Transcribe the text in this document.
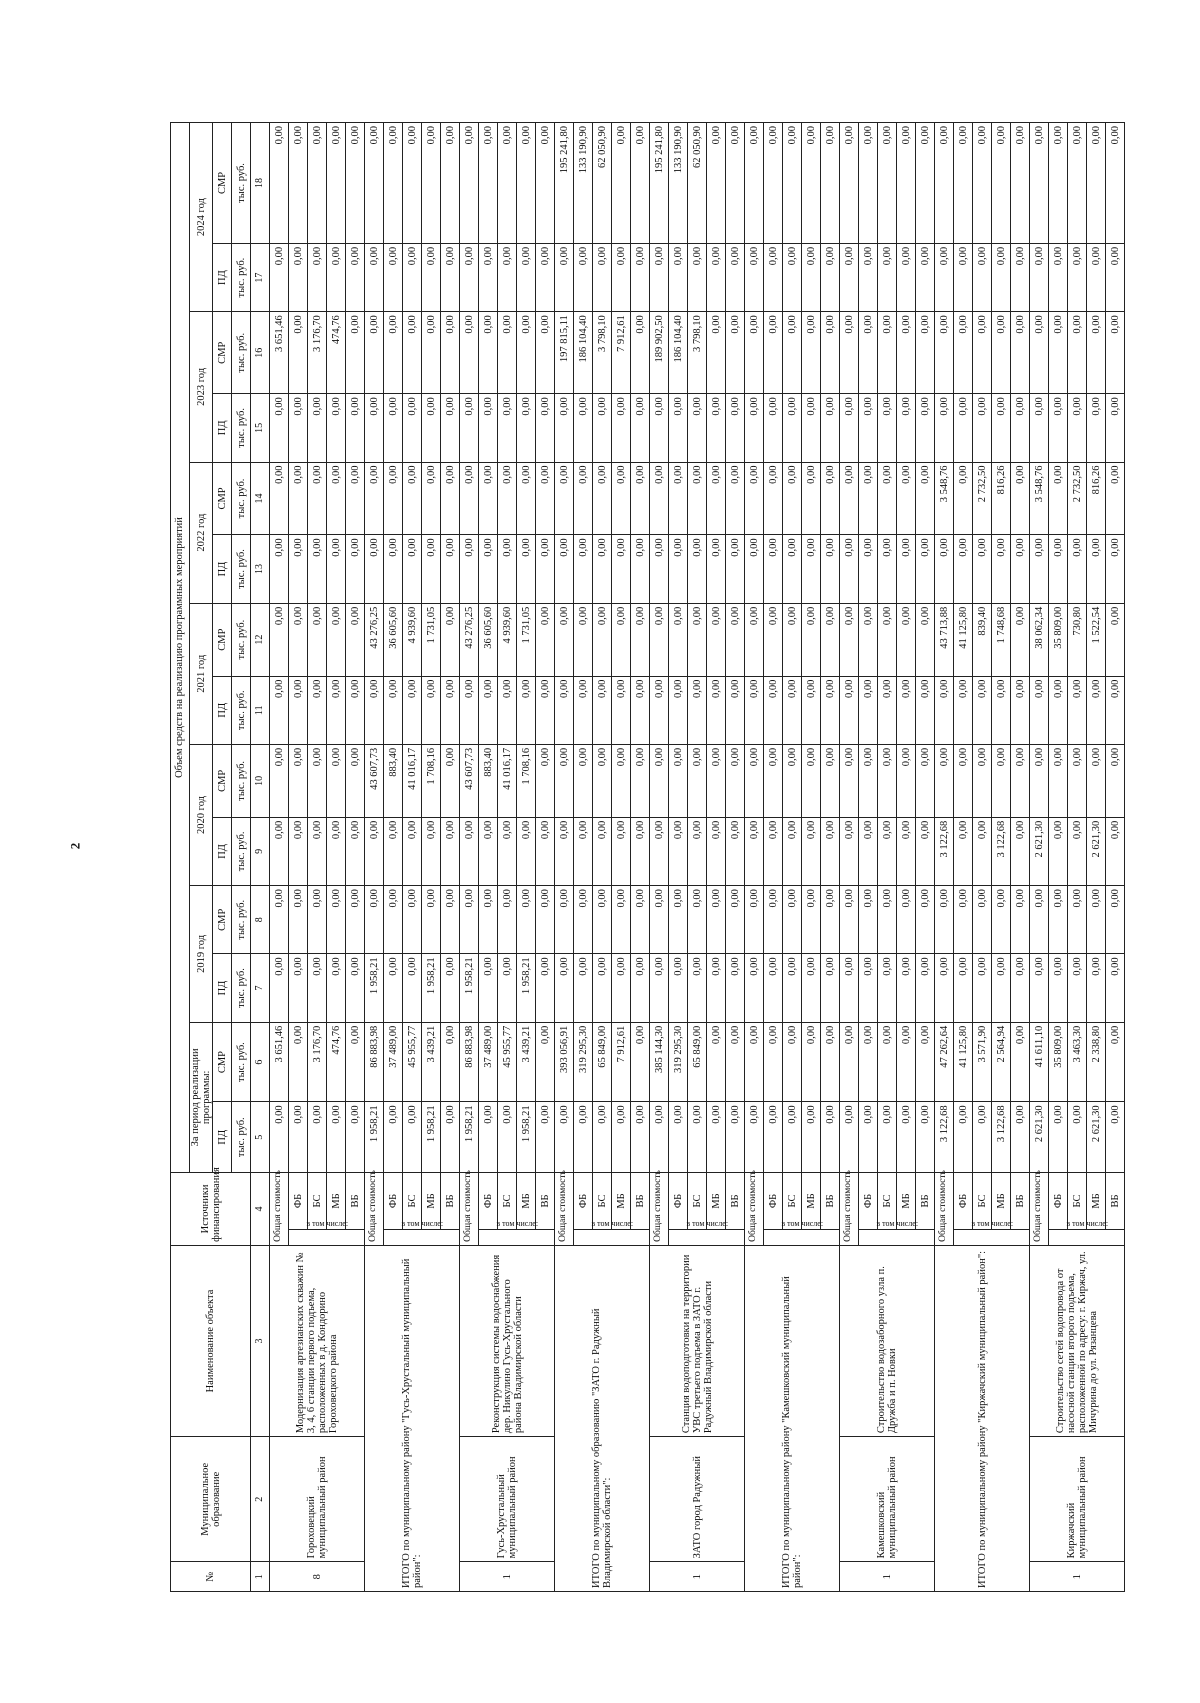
2
№	Муниципальное образование	Наименование объекта	Источники финансирования		Объем средств на реализацию программных мероприятий													
					За период реализации программы:		2019 год		2020 год		2021 год		2022 год		2023 год		2024 год	
					ПД	СМР	ПД	СМР	ПД	СМР	ПД	СМР	ПД	СМР	ПД	СМР	ПД	СМР
					тыс. руб.	тыс. руб.	тыс. руб.	тыс. руб.	тыс. руб.	тыс. руб.	тыс. руб.	тыс. руб.	тыс. руб.	тыс. руб.	тыс. руб.	тыс. руб.	тыс. руб.	тыс. руб.
1	2	3	4		5	6	7	8	9	10	11	12	13	14	15	16	17	18
8	Гороховецкий муниципальный район	Модернизация артезианских скважин № 3, 4, 6 станции первого подъема, расположенных в д. Кондорино Гороховецкого района	Общая стоимость		0,00	3 651,46	0,00	0,00	0,00	0,00	0,00	0,00	0,00	0,00	0,00	3 651,46	0,00	0,00
			в том числе:	ФБ	0,00	0,00	0,00	0,00	0,00	0,00	0,00	0,00	0,00	0,00	0,00	0,00	0,00	0,00
				БС	0,00	3 176,70	0,00	0,00	0,00	0,00	0,00	0,00	0,00	0,00	0,00	3 176,70	0,00	0,00
				МБ	0,00	474,76	0,00	0,00	0,00	0,00	0,00	0,00	0,00	0,00	0,00	474,76	0,00	0,00
				ВБ	0,00	0,00	0,00	0,00	0,00	0,00	0,00	0,00	0,00	0,00	0,00	0,00	0,00	0,00
ИТОГО по муниципальному району "Гусь-Хрустальный муниципальный район":			Общая стоимость		1 958,21	86 883,98	1 958,21	0,00	0,00	43 607,73	0,00	43 276,25	0,00	0,00	0,00	0,00	0,00	0,00
			в том числе:	ФБ	0,00	37 489,00	0,00	0,00	0,00	883,40	0,00	36 605,60	0,00	0,00	0,00	0,00	0,00	0,00
				БС	0,00	45 955,77	0,00	0,00	0,00	41 016,17	0,00	4 939,60	0,00	0,00	0,00	0,00	0,00	0,00
				МБ	1 958,21	3 439,21	1 958,21	0,00	0,00	1 708,16	0,00	1 731,05	0,00	0,00	0,00	0,00	0,00	0,00
				ВБ	0,00	0,00	0,00	0,00	0,00	0,00	0,00	0,00	0,00	0,00	0,00	0,00	0,00	0,00
1	Гусь-Хрустальный муниципальный район	Реконструкция системы водоснабжения дер. Никулино Гусь-Хрустального района Владимирской области	Общая стоимость		1 958,21	86 883,98	1 958,21	0,00	0,00	43 607,73	0,00	43 276,25	0,00	0,00	0,00	0,00	0,00	0,00
			в том числе:	ФБ	0,00	37 489,00	0,00	0,00	0,00	883,40	0,00	36 605,60	0,00	0,00	0,00	0,00	0,00	0,00
				БС	0,00	45 955,77	0,00	0,00	0,00	41 016,17	0,00	4 939,60	0,00	0,00	0,00	0,00	0,00	0,00
				МБ	1 958,21	3 439,21	1 958,21	0,00	0,00	1 708,16	0,00	1 731,05	0,00	0,00	0,00	0,00	0,00	0,00
				ВБ	0,00	0,00	0,00	0,00	0,00	0,00	0,00	0,00	0,00	0,00	0,00	0,00	0,00	0,00
ИТОГО по муниципальному образованию "ЗАТО г. Радужный Владимирской области":			Общая стоимость		0,00	393 056,91	0,00	0,00	0,00	0,00	0,00	0,00	0,00	0,00	0,00	197 815,11	0,00	195 241,80
			в том числе:	ФБ	0,00	319 295,30	0,00	0,00	0,00	0,00	0,00	0,00	0,00	0,00	0,00	186 104,40	0,00	133 190,90
				БС	0,00	65 849,00	0,00	0,00	0,00	0,00	0,00	0,00	0,00	0,00	0,00	3 798,10	0,00	62 050,90
				МБ	0,00	7 912,61	0,00	0,00	0,00	0,00	0,00	0,00	0,00	0,00	0,00	7 912,61	0,00	0,00
				ВБ	0,00	0,00	0,00	0,00	0,00	0,00	0,00	0,00	0,00	0,00	0,00	0,00	0,00	0,00
1	ЗАТО город Радужный	Станция водоподготовки на территории УВС третьего подъема в ЗАТО г. Радужный Владимирской области	Общая стоимость		0,00	385 144,30	0,00	0,00	0,00	0,00	0,00	0,00	0,00	0,00	0,00	189 902,50	0,00	195 241,80
			в том числе:	ФБ	0,00	319 295,30	0,00	0,00	0,00	0,00	0,00	0,00	0,00	0,00	0,00	186 104,40	0,00	133 190,90
				БС	0,00	65 849,00	0,00	0,00	0,00	0,00	0,00	0,00	0,00	0,00	0,00	3 798,10	0,00	62 050,90
				МБ	0,00	0,00	0,00	0,00	0,00	0,00	0,00	0,00	0,00	0,00	0,00	0,00	0,00	0,00
				ВБ	0,00	0,00	0,00	0,00	0,00	0,00	0,00	0,00	0,00	0,00	0,00	0,00	0,00	0,00
ИТОГО по муниципальному району "Камешковский муниципальный район":			Общая стоимость		0,00	0,00	0,00	0,00	0,00	0,00	0,00	0,00	0,00	0,00	0,00	0,00	0,00	0,00
			в том числе:	ФБ	0,00	0,00	0,00	0,00	0,00	0,00	0,00	0,00	0,00	0,00	0,00	0,00	0,00	0,00
				БС	0,00	0,00	0,00	0,00	0,00	0,00	0,00	0,00	0,00	0,00	0,00	0,00	0,00	0,00
				МБ	0,00	0,00	0,00	0,00	0,00	0,00	0,00	0,00	0,00	0,00	0,00	0,00	0,00	0,00
				ВБ	0,00	0,00	0,00	0,00	0,00	0,00	0,00	0,00	0,00	0,00	0,00	0,00	0,00	0,00
1	Камешковский муниципальный район	Строительство водозаборного узла п. Дружба и п. Новки	Общая стоимость		0,00	0,00	0,00	0,00	0,00	0,00	0,00	0,00	0,00	0,00	0,00	0,00	0,00	0,00
			в том числе:	ФБ	0,00	0,00	0,00	0,00	0,00	0,00	0,00	0,00	0,00	0,00	0,00	0,00	0,00	0,00
				БС	0,00	0,00	0,00	0,00	0,00	0,00	0,00	0,00	0,00	0,00	0,00	0,00	0,00	0,00
				МБ	0,00	0,00	0,00	0,00	0,00	0,00	0,00	0,00	0,00	0,00	0,00	0,00	0,00	0,00
				ВБ	0,00	0,00	0,00	0,00	0,00	0,00	0,00	0,00	0,00	0,00	0,00	0,00	0,00	0,00
ИТОГО по муниципальному району "Киржачский муниципальный район":			Общая стоимость		3 122,68	47 262,64	0,00	0,00	3 122,68	0,00	0,00	43 713,88	0,00	3 548,76	0,00	0,00	0,00	0,00
			в том числе:	ФБ	0,00	41 125,80	0,00	0,00	0,00	0,00	0,00	41 125,80	0,00	0,00	0,00	0,00	0,00	0,00
				БС	0,00	3 571,90	0,00	0,00	0,00	0,00	0,00	839,40	0,00	2 732,50	0,00	0,00	0,00	0,00
				МБ	3 122,68	2 564,94	0,00	0,00	3 122,68	0,00	0,00	1 748,68	0,00	816,26	0,00	0,00	0,00	0,00
				ВБ	0,00	0,00	0,00	0,00	0,00	0,00	0,00	0,00	0,00	0,00	0,00	0,00	0,00	0,00
1	Киржачский муниципальный район	Строительство сетей водопровода от насосной станции второго подъема, расположенной по адресу: г. Киржач, ул. Мичурина до ул. Рязанцева	Общая стоимость		2 621,30	41 611,10	0,00	0,00	2 621,30	0,00	0,00	38 062,34	0,00	3 548,76	0,00	0,00	0,00	0,00
			в том числе:	ФБ	0,00	35 809,00	0,00	0,00	0,00	0,00	0,00	35 809,00	0,00	0,00	0,00	0,00	0,00	0,00
				БС	0,00	3 463,30	0,00	0,00	0,00	0,00	0,00	730,80	0,00	2 732,50	0,00	0,00	0,00	0,00
				МБ	2 621,30	2 338,80	0,00	0,00	2 621,30	0,00	0,00	1 522,54	0,00	816,26	0,00	0,00	0,00	0,00
				ВБ	0,00	0,00	0,00	0,00	0,00	0,00	0,00	0,00	0,00	0,00	0,00	0,00	0,00	0,00
